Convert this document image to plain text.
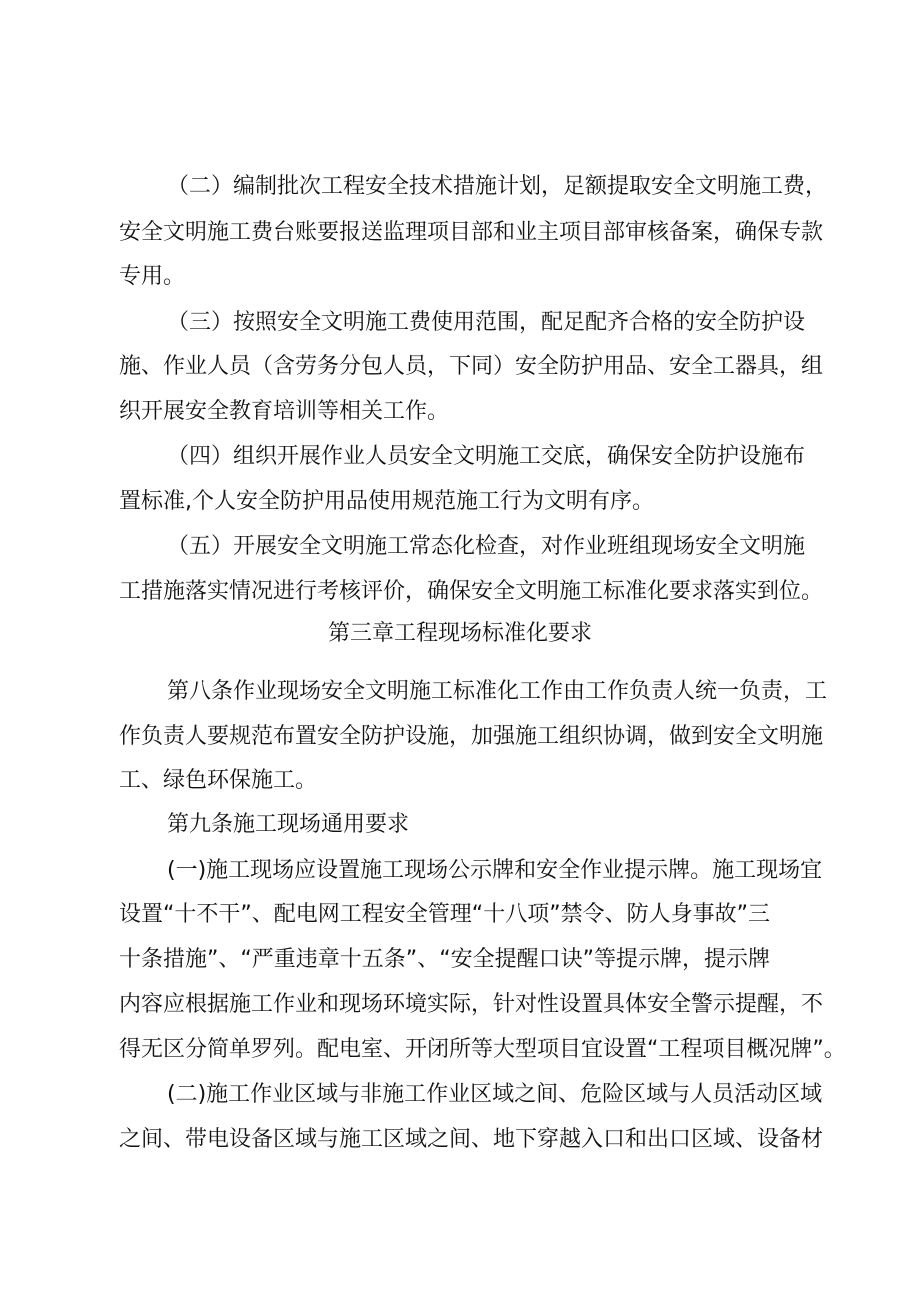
（二）编制批次工程安全技术措施计划，足额提取安全文明施工费，
安全文明施工费台账要报送监理项目部和业主项目部审核备案，确保专款
专用。
（三）按照安全文明施工费使用范围，配足配齐合格的安全防护设
施、作业人员（含劳务分包人员，下同）安全防护用品、安全工器具，组
织开展安全教育培训等相关工作。
（四）组织开展作业人员安全文明施工交底，确保安全防护设施布
置标准,个人安全防护用品使用规范施工行为文明有序。
（五）开展安全文明施工常态化检查，对作业班组现场安全文明施
工措施落实情况进行考核评价，确保安全文明施工标准化要求落实到位。
第三章工程现场标准化要求
第八条作业现场安全文明施工标准化工作由工作负责人统一负责，工
作负责人要规范布置安全防护设施，加强施工组织协调，做到安全文明施
工、绿色环保施工。
第九条施工现场通用要求
(一)施工现场应设置施工现场公示牌和安全作业提示牌。施工现场宜
设置“十不干”、配电网工程安全管理“十八项”禁令、防人身事故”三
十条措施”、“严重违章十五条”、“安全提醒口诀”等提示牌，提示牌
内容应根据施工作业和现场环境实际，针对性设置具体安全警示提醒，不
得无区分简单罗列。配电室、开闭所等大型项目宜设置“工程项目概况牌”。
(二)施工作业区域与非施工作业区域之间、危险区域与人员活动区域
之间、带电设备区域与施工区域之间、地下穿越入口和出口区域、设备材
